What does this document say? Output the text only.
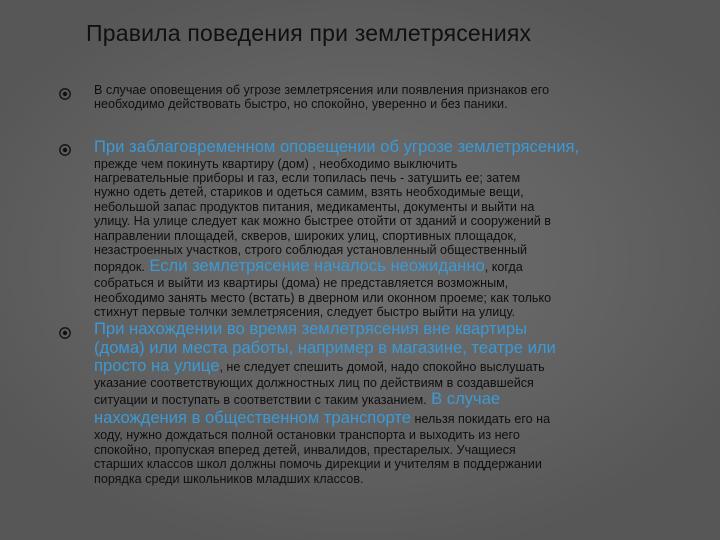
Правила поведения при землетрясениях
В случае оповещения об угрозе землетрясения или появления признаков его
необходимо действовать быстро, но спокойно, уверенно и без паники.
При заблаговременном оповещении об угрозе землетрясения,
прежде чем покинуть квартиру (дом) , необходимо выключить
нагревательные приборы и газ, если топилась печь - затушить ее; затем
нужно одеть детей, стариков и одеться самим, взять необходимые вещи,
небольшой запас продуктов питания, медикаменты, документы и выйти на
улицу. На улице следует как можно быстрее отойти от зданий и сооружений в
направлении площадей, скверов, широких улиц, спортивных площадок,
незастроенных участков, строго соблюдая установленный общественный
порядок. Если землетрясение началось неожиданно, когда
собраться и выйти из квартиры (дома) не представляется возможным,
необходимо занять место (встать) в дверном или оконном проеме; как только
стихнут первые толчки землетрясения, следует быстро выйти на улицу.
При нахождении во время землетрясения вне квартиры
(дома) или места работы, например в магазине, театре или
просто на улице, не следует спешить домой, надо спокойно выслушать
указание соответствующих должностных лиц по действиям в создавшейся
ситуации и поступать в соответствии с таким указанием. В случае
нахождения в общественном транспорте нельзя покидать его на
ходу, нужно дождаться полной остановки транспорта и выходить из него
спокойно, пропуская вперед детей, инвалидов, престарелых. Учащиеся
старших классов школ должны помочь дирекции и учителям в поддержании
порядка среди школьников младших классов.
